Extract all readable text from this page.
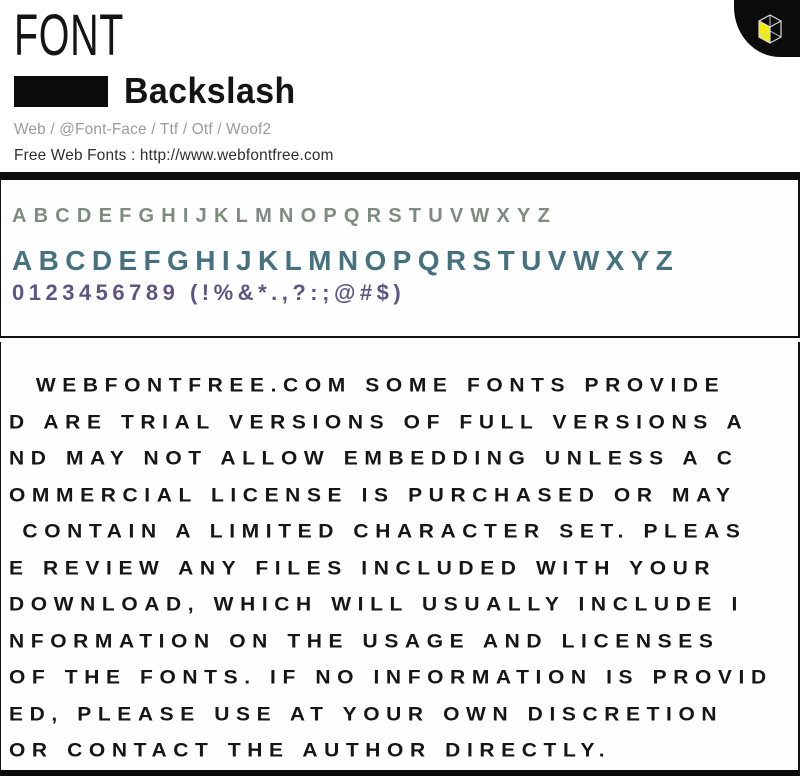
FONT
Backslash
Web / @Font-Face / Ttf / Otf / Woof2
Free Web Fonts : http://www.webfontfree.com
ABCDEFGHIJKLMNOPQRSTUVWXYZ
ABCDEFGHIJKLMNOPQRSTUVWXYZ
0123456789 (!%&*.,?:;@#$)
WEBFONTFREE.COM SOME FONTS PROVIDE
D ARE TRIAL VERSIONS OF FULL VERSIONS A
ND MAY NOT ALLOW EMBEDDING UNLESS A C
OMMERCIAL LICENSE IS PURCHASED OR MAY
CONTAIN A LIMITED CHARACTER SET. PLEAS
E REVIEW ANY FILES INCLUDED WITH YOUR
DOWNLOAD, WHICH WILL USUALLY INCLUDE I
NFORMATION ON THE USAGE AND LICENSES
OF THE FONTS. IF NO INFORMATION IS PROVID
ED, PLEASE USE AT YOUR OWN DISCRETION
OR CONTACT THE AUTHOR DIRECTLY.
